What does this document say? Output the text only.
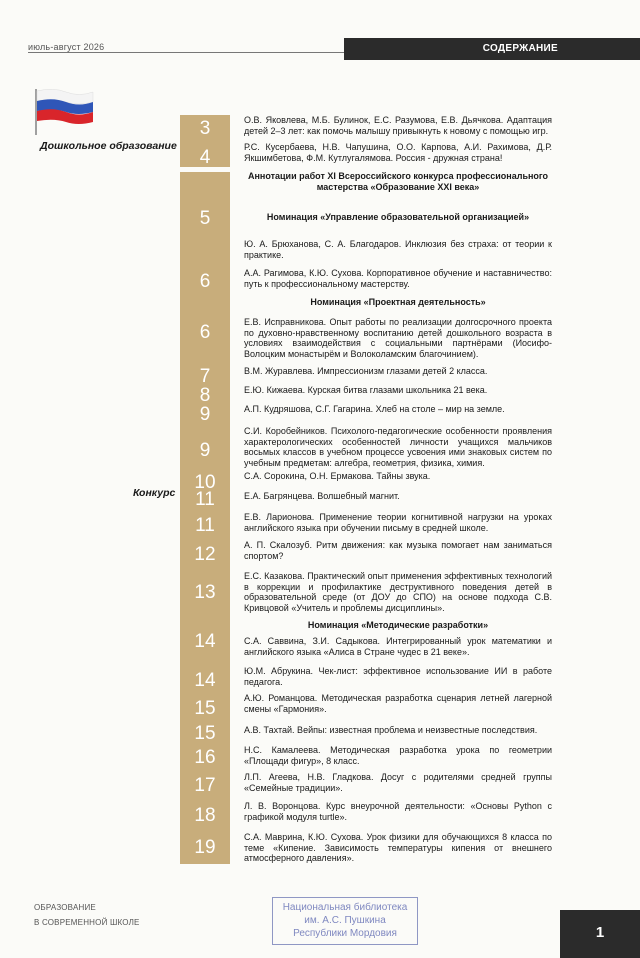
июль-август 2026	СОДЕРЖАНИЕ
Дошкольное образование
Конкурс
3
4
5
6
6
7
8
9
9
10
11
11
12
13
14
14
15
15
16
17
18
19
О.В. Яковлева, М.Б. Булинок, Е.С. Разумова, Е.В. Дьячкова. Адаптация детей 2–3 лет: как помочь малышу привыкнуть к новому с помощью игр.
Р.С. Кусербаева, Н.В. Чапушина, О.О. Карпова, А.И. Рахимова, Д.Р. Якшимбетова, Ф.М. Кутлугалямова. Россия - дружная страна!
Ю. А. Брюханова, С. А. Благодаров. Инклюзия без страха: от теории к практике.
А.А. Рагимова, К.Ю. Сухова. Корпоративное обучение и наставничество: путь к профессиональному мастерству.
Е.В. Исправникова. Опыт работы по реализации долгосрочного проекта по духовно-нравственному воспитанию детей дошкольного возраста в условиях взаимодействия с социальными партнёрами (Иосифо-Волоцким монастырём и Волоколамским благочинием).
В.М. Журавлева. Импрессионизм глазами детей 2 класса.
Е.Ю. Кижаева. Курская битва глазами школьника 21 века.
А.П. Кудряшова, С.Г. Гагарина. Хлеб на столе – мир на земле.
С.И. Коробейников. Психолого-педагогические особенности проявления характерологических особенностей личности учащихся мальчиков восьмых классов в учебном процессе усвоения ими знаковых систем по учебным предметам: алгебра, геометрия, физика, химия.
С.А. Сорокина, О.Н. Ермакова. Тайны звука.
Е.А. Багрянцева. Волшебный магнит.
Е.В. Ларионова. Применение теории когнитивной нагрузки на уроках английского языка при обучении письму в средней школе.
А. П. Скалозуб. Ритм движения: как музыка помогает нам заниматься спортом?
Е.С. Казакова. Практический опыт применения эффективных технологий в коррекции и профилактике деструктивного поведения детей в образовательной среде (от ДОУ до СПО) на основе подхода С.В. Кривцовой «Учитель и проблемы дисциплины».
С.А. Саввина, З.И. Садыкова. Интегрированный урок математики и английского языка «Алиса в Стране чудес в 21 веке».
Ю.М. Абрукина. Чек-лист: эффективное использование ИИ в работе педагога.
А.Ю. Романцова. Методическая разработка сценария летней лагерной смены «Гармония».
А.В. Тахтай. Вейпы: известная проблема и неизвестные последствия.
Н.С. Камалеева. Методическая разработка урока по геометрии «Площади фигур», 8 класс.
Л.П. Агеева, Н.В. Гладкова. Досуг с родителями средней группы «Семейные традиции».
Л. В. Воронцова. Курс внеурочной деятельности: «Основы Python с графикой модуля turtle».
С.А. Маврина, К.Ю. Сухова. Урок физики для обучающихся 8 класса по теме «Кипение. Зависимость температуры кипения от внешнего атмосферного давления».
Аннотации работ XI Всероссийского конкурса профессионального мастерства «Образование XXI века»
Номинация «Управление образовательной организацией»
Номинация «Проектная деятельность»
Номинация «Методические разработки»
ОБРАЗОВАНИЕ
В СОВРЕМЕННОЙ ШКОЛЕ
Национальная библиотека
им. А.С. Пушкина
Республики Мордовия	1
